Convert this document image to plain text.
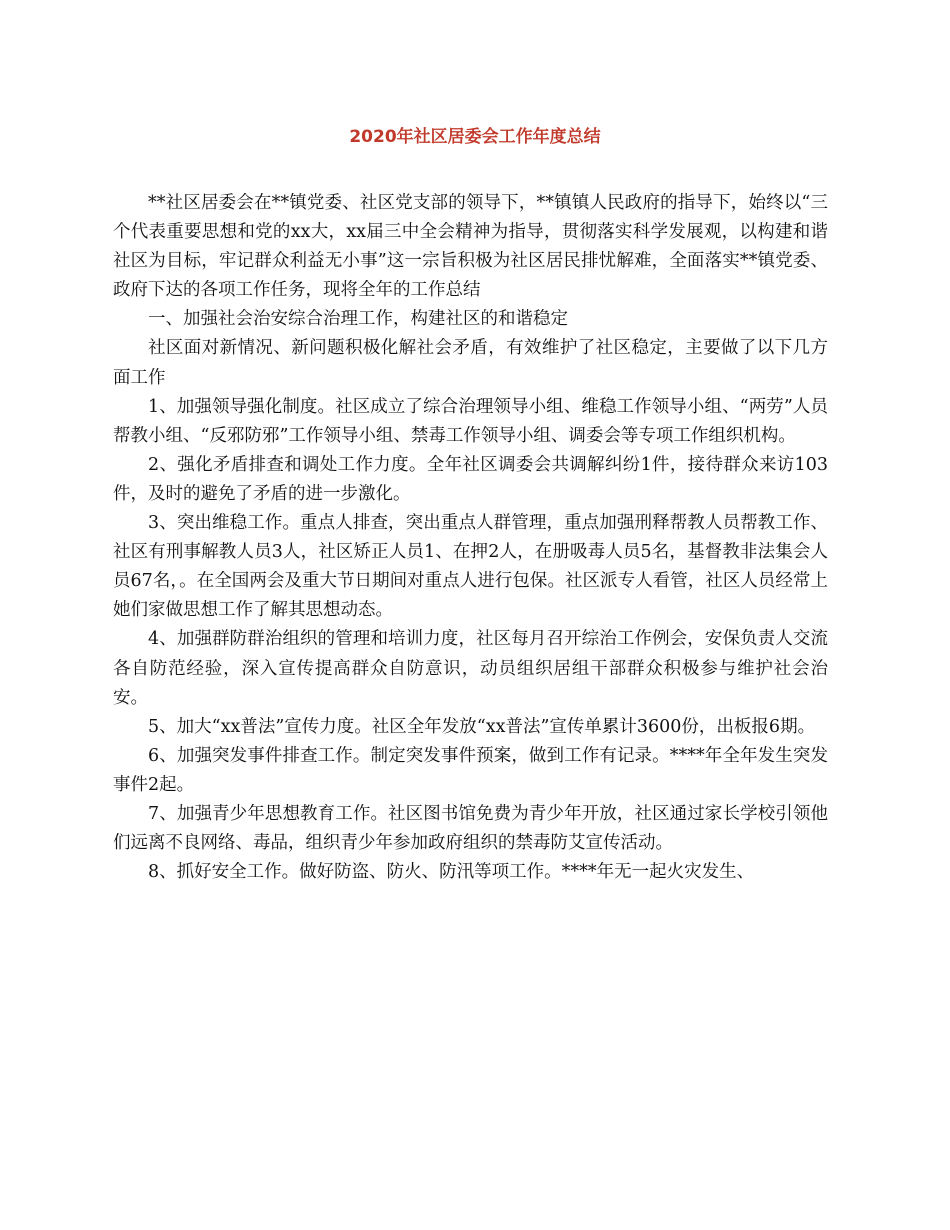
2020年社区居委会工作年度总结

**社区居委会在**镇党委、社区党支部的领导下，**镇镇人民政府的指导下，始终以“三个代表重要思想和党的xx大，xx届三中全会精神为指导，贯彻落实科学发展观，以构建和谐社区为目标，牢记群众利益无小事”这一宗旨积极为社区居民排忧解难，全面落实**镇党委、政府下达的各项工作任务，现将全年的工作总结

一、加强社会治安综合治理工作，构建社区的和谐稳定

社区面对新情况、新问题积极化解社会矛盾，有效维护了社区稳定，主要做了以下几方面工作

1、加强领导强化制度。社区成立了综合治理领导小组、维稳工作领导小组、“两劳”人员帮教小组、“反邪防邪”工作领导小组、禁毒工作领导小组、调委会等专项工作组织机构。

2、强化矛盾排查和调处工作力度。全年社区调委会共调解纠纷1件，接待群众来访103件，及时的避免了矛盾的进一步激化。

3、突出维稳工作。重点人排查，突出重点人群管理，重点加强刑释帮教人员帮教工作、社区有刑事解教人员3人，社区矫正人员1、在押2人，在册吸毒人员5名，基督教非法集会人员67名，。在全国两会及重大节日期间对重点人进行包保。社区派专人看管，社区人员经常上她们家做思想工作了解其思想动态。

4、加强群防群治组织的管理和培训力度，社区每月召开综治工作例会，安保负责人交流各自防范经验，深入宣传提高群众自防意识，动员组织居组干部群众积极参与维护社会治安。

5、加大“xx普法”宣传力度。社区全年发放“xx普法”宣传单累计3600份，出板报6期。

6、加强突发事件排查工作。制定突发事件预案，做到工作有记录。****年全年发生突发事件2起。

7、加强青少年思想教育工作。社区图书馆免费为青少年开放，社区通过家长学校引领他们远离不良网络、毒品，组织青少年参加政府组织的禁毒防艾宣传活动。

8、抓好安全工作。做好防盗、防火、防汛等项工作。****年无一起火灾发生、
